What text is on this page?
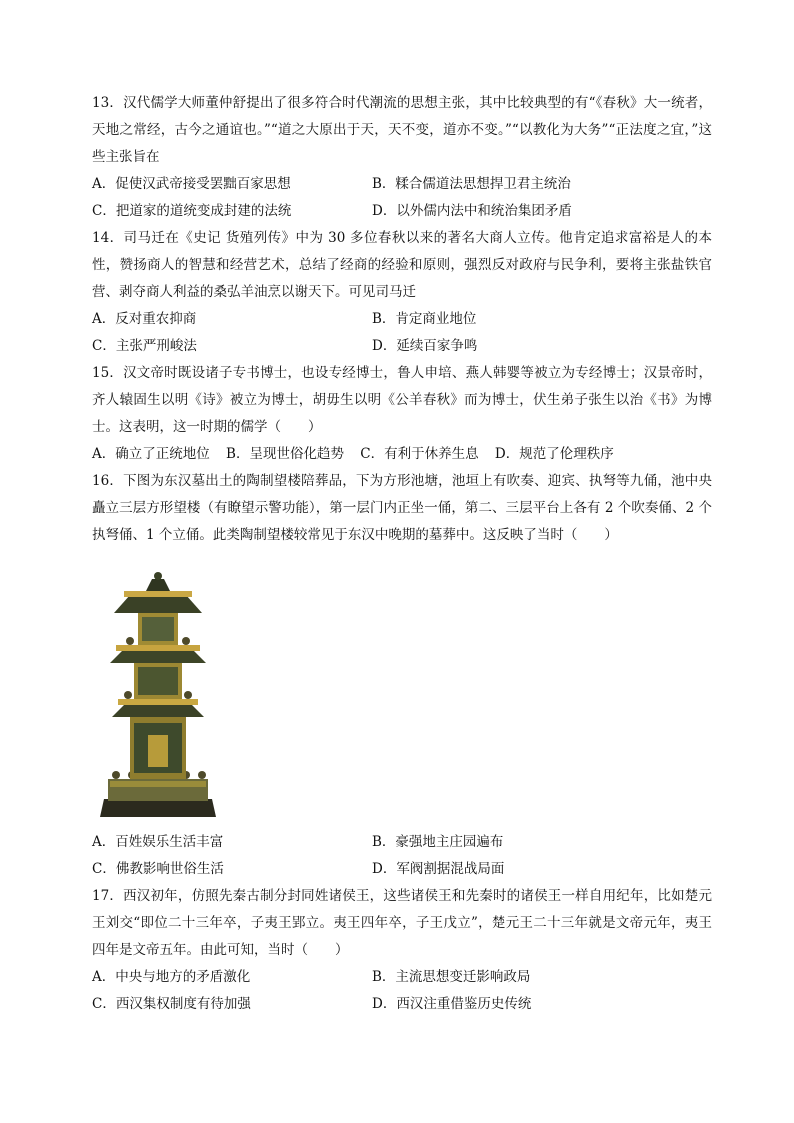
13．汉代儒学大师董仲舒提出了很多符合时代潮流的思想主张，其中比较典型的有“《春秋》大一统者，天地之常经，古今之通谊也。”“道之大原出于天，天不变，道亦不变。”“以教化为大务”“正法度之宜，”这些主张旨在
A．促使汉武帝接受罢黜百家思想	B．糅合儒道法思想捍卫君主统治
C．把道家的道统变成封建的法统	D．以外儒内法中和统治集团矛盾
14．司马迁在《史记 货殖列传》中为 30 多位春秋以来的著名大商人立传。他肯定追求富裕是人的本性，赞扬商人的智慧和经营艺术，总结了经商的经验和原则，强烈反对政府与民争利，要将主张盐铁官营、剥夺商人利益的桑弘羊油烹以谢天下。可见司马迁
A．反对重农抑商	B．肯定商业地位
C．主张严刑峻法	D．延续百家争鸣
15．汉文帝时既设诸子专书博士，也设专经博士，鲁人申培、燕人韩婴等被立为专经博士；汉景帝时，齐人辕固生以明《诗》被立为博士，胡毋生以明《公羊春秋》而为博士，伏生弟子张生以治《书》为博士。这表明，这一时期的儒学（　　）
A．确立了正统地位 B．呈现世俗化趋势 C．有利于休养生息 D．规范了伦理秩序
16．下图为东汉墓出土的陶制望楼陪葬品，下为方形池塘，池垣上有吹奏、迎宾、执弩等九俑，池中央矗立三层方形望楼（有瞭望示警功能），第一层门内正坐一俑，第二、三层平台上各有 2 个吹奏俑、2 个执弩俑、1 个立俑。此类陶制望楼较常见于东汉中晚期的墓葬中。这反映了当时（　　）
A．百姓娱乐生活丰富	B．豪强地主庄园遍布
C．佛教影响世俗生活	D．军阀割据混战局面
17．西汉初年，仿照先秦古制分封同姓诸侯王，这些诸侯王和先秦时的诸侯王一样自用纪年，比如楚元王刘交“即位二十三年卒，子夷王郢立。夷王四年卒，子王戊立”，楚元王二十三年就是文帝元年，夷王四年是文帝五年。由此可知，当时（　　）
A．中央与地方的矛盾激化	B．主流思想变迁影响政局
C．西汉集权制度有待加强	D．西汉注重借鉴历史传统
